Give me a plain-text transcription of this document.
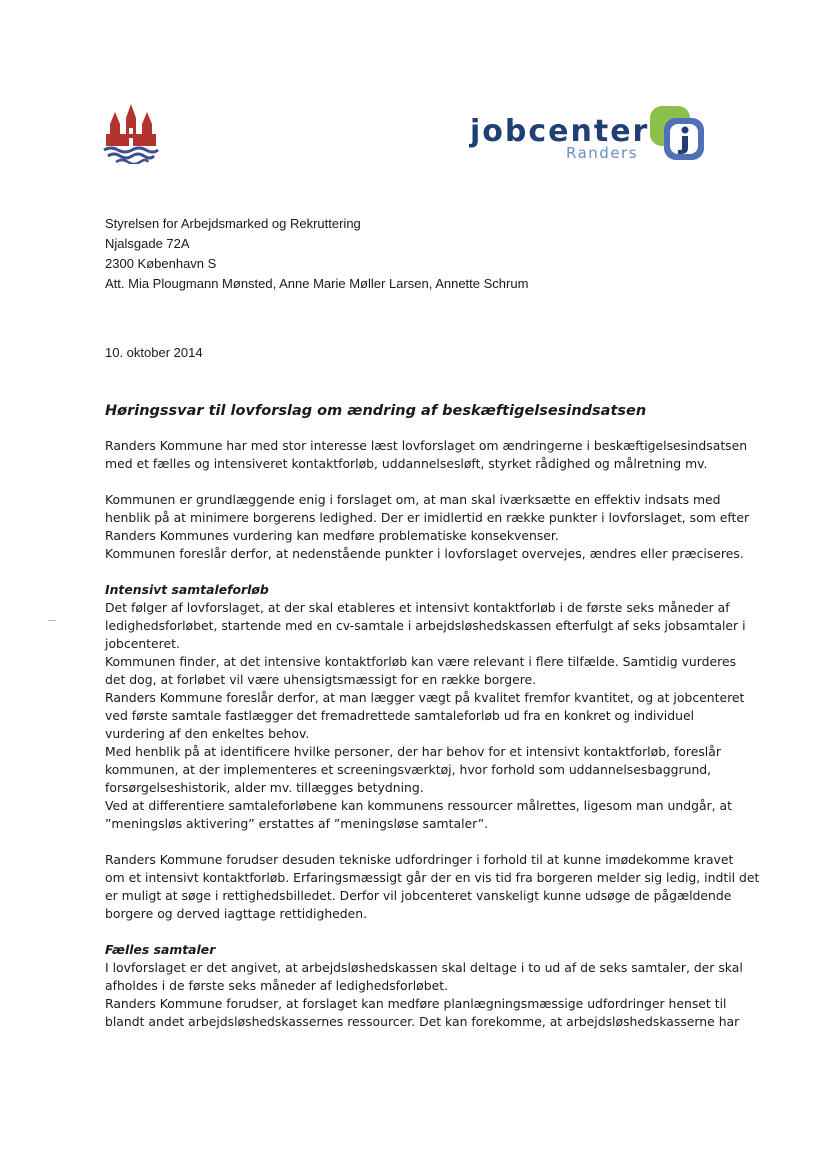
jobcenter
Randers
Styrelsen for Arbejdsmarked og Rekruttering
Njalsgade 72A
2300 København S
Att. Mia Plougmann Mønsted, Anne Marie Møller Larsen, Annette Schrum
10. oktober 2014
Høringssvar til lovforslag om ændring af beskæftigelsesindsatsen

Randers Kommune har med stor interesse læst lovforslaget om ændringerne i beskæftigelsesindsatsen
med et fælles og intensiveret kontaktforløb, uddannelsesløft, styrket rådighed og målretning mv.

Kommunen er grundlæggende enig i forslaget om, at man skal iværksætte en effektiv indsats med
henblik på at minimere borgerens ledighed. Der er imidlertid en række punkter i lovforslaget, som efter
Randers Kommunes vurdering kan medføre problematiske konsekvenser.
Kommunen foreslår derfor, at nedenstående punkter i lovforslaget overvejes, ændres eller præciseres.

Intensivt samtaleforløb

Det følger af lovforslaget, at der skal etableres et intensivt kontaktforløb i de første seks måneder af
ledighedsforløbet, startende med en cv-samtale i arbejdsløshedskassen efterfulgt af seks jobsamtaler i
jobcenteret.
Kommunen finder, at det intensive kontaktforløb kan være relevant i flere tilfælde. Samtidig vurderes
det dog, at forløbet vil være uhensigtsmæssigt for en række borgere.
Randers Kommune foreslår derfor, at man lægger vægt på kvalitet fremfor kvantitet, og at jobcenteret
ved første samtale fastlægger det fremadrettede samtaleforløb ud fra en konkret og individuel
vurdering af den enkeltes behov.
Med henblik på at identificere hvilke personer, der har behov for et intensivt kontaktforløb, foreslår
kommunen, at der implementeres et screeningsværktøj, hvor forhold som uddannelsesbaggrund,
forsørgelseshistorik, alder mv. tillægges betydning.
Ved at differentiere samtaleforløbene kan kommunens ressourcer målrettes, ligesom man undgår, at
”meningsløs aktivering” erstattes af ”meningsløse samtaler”.

Randers Kommune forudser desuden tekniske udfordringer i forhold til at kunne imødekomme kravet
om et intensivt kontaktforløb. Erfaringsmæssigt går der en vis tid fra borgeren melder sig ledig, indtil det
er muligt at søge i rettighedsbilledet. Derfor vil jobcenteret vanskeligt kunne udsøge de pågældende
borgere og derved iagttage rettidigheden.

Fælles samtaler

I lovforslaget er det angivet, at arbejdsløshedskassen skal deltage i to ud af de seks samtaler, der skal
afholdes i de første seks måneder af ledighedsforløbet.
Randers Kommune forudser, at forslaget kan medføre planlægningsmæssige udfordringer henset til
blandt andet arbejdsløshedskassernes ressourcer. Det kan forekomme, at arbejdsløshedskasserne har
